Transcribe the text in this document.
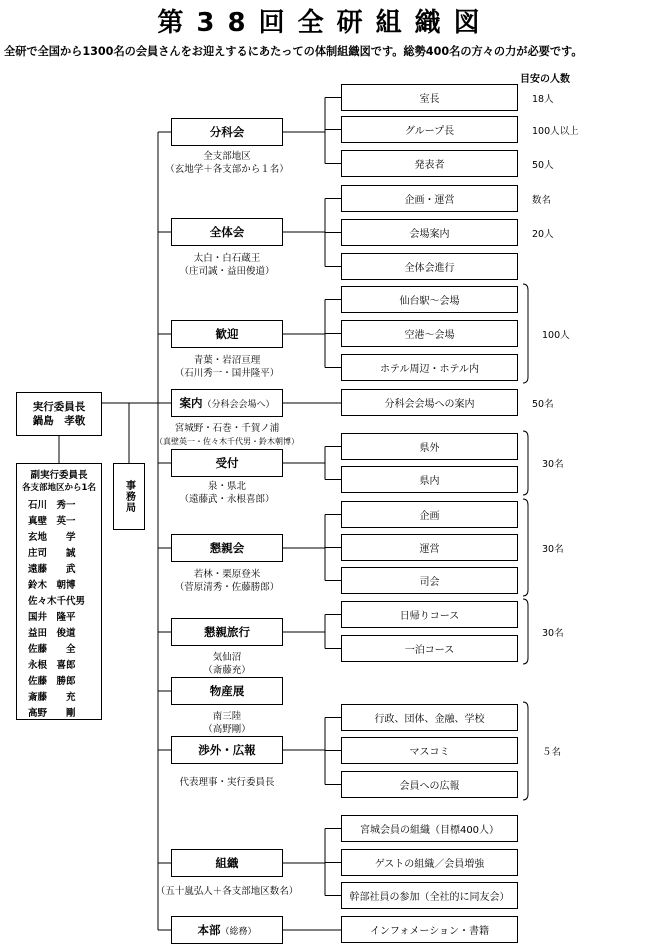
第38回全研組織図
全研で全国から1300名の会員さんをお迎えするにあたっての体制組織図です。総勢400名の方々の力が必要です。
目安の人数
実行委員長
鍋島　孝敬
副実行委員長
各支部地区から1名
石川　秀一
真壁　英一
玄地　　学
庄司　　誠
遠藤　　武
鈴木　朝博
佐々木千代男
国井　隆平
益田　俊道
佐藤　　全
永根　喜郎
佐藤　勝郎
斎藤　　充
高野　　剛
事務局
分科会
全支部地区
（玄地学＋各支部から１名）
室長
グループ長
発表者
18人
100人以上
50人
全体会
太白・白石蔵王
（庄司誠・益田俊道）
企画・運営
会場案内
全体会進行
数名
20人
歓迎
青葉・岩沼亘理
（石川秀一・国井隆平）
仙台駅～会場
空港～会場
ホテル周辺・ホテル内
100人
案内 （分科会会場へ）
宮城野・石巻・千賀ノ浦
（真壁英一・佐々木千代男・鈴木朝博）
分科会会場への案内	50名
受付
泉・県北
（遠藤武・永根喜郎）
県外
県内
30名
懇親会
若林・栗原登米
（菅原清秀・佐藤勝郎）
企画
運営
司会
30名
懇親旅行
気仙沼
（斎藤充）
日帰りコース
一泊コース
30名
物産展
南三陸
（高野剛）
渉外・広報
代表理事・実行委員長
行政、団体、金融、学校
マスコミ
会員への広報
５名
組織
（五十嵐弘人＋各支部地区数名）
宮城会員の組織（目標400人）
ゲストの組織／会員増強
幹部社員の参加（全社的に同友会）
本部 （総務）	インフォメーション・書籍
